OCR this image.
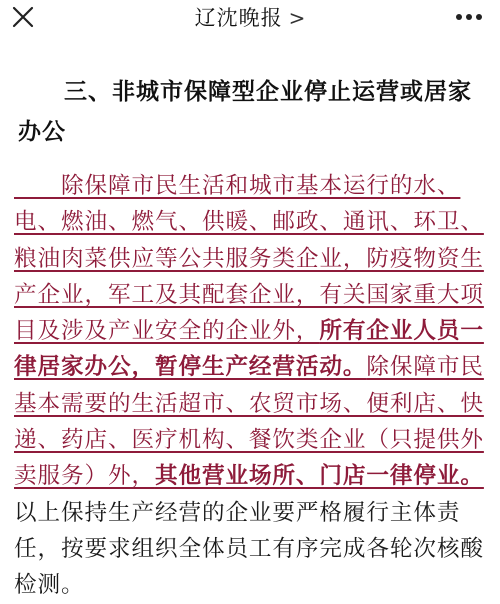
辽沈晚报 >
三、非城市保障型企业停止运营或居家办公
　　除保障市民生活和城市基本运行的水、电、燃油、燃气、供暖、邮政、通讯、环卫、粮油肉菜供应等公共服务类企业，防疫物资生产企业，军工及其配套企业，有关国家重大项目及涉及产业安全的企业外，所有企业人员一律居家办公，暂停生产经营活动。除保障市民基本需要的生活超市、农贸市场、便利店、快递、药店、医疗机构、餐饮类企业（只提供外卖服务）外，其他营业场所、门店一律停业。以上保持生产经营的企业要严格履行主体责任，按要求组织全体员工有序完成各轮次核酸检测。
